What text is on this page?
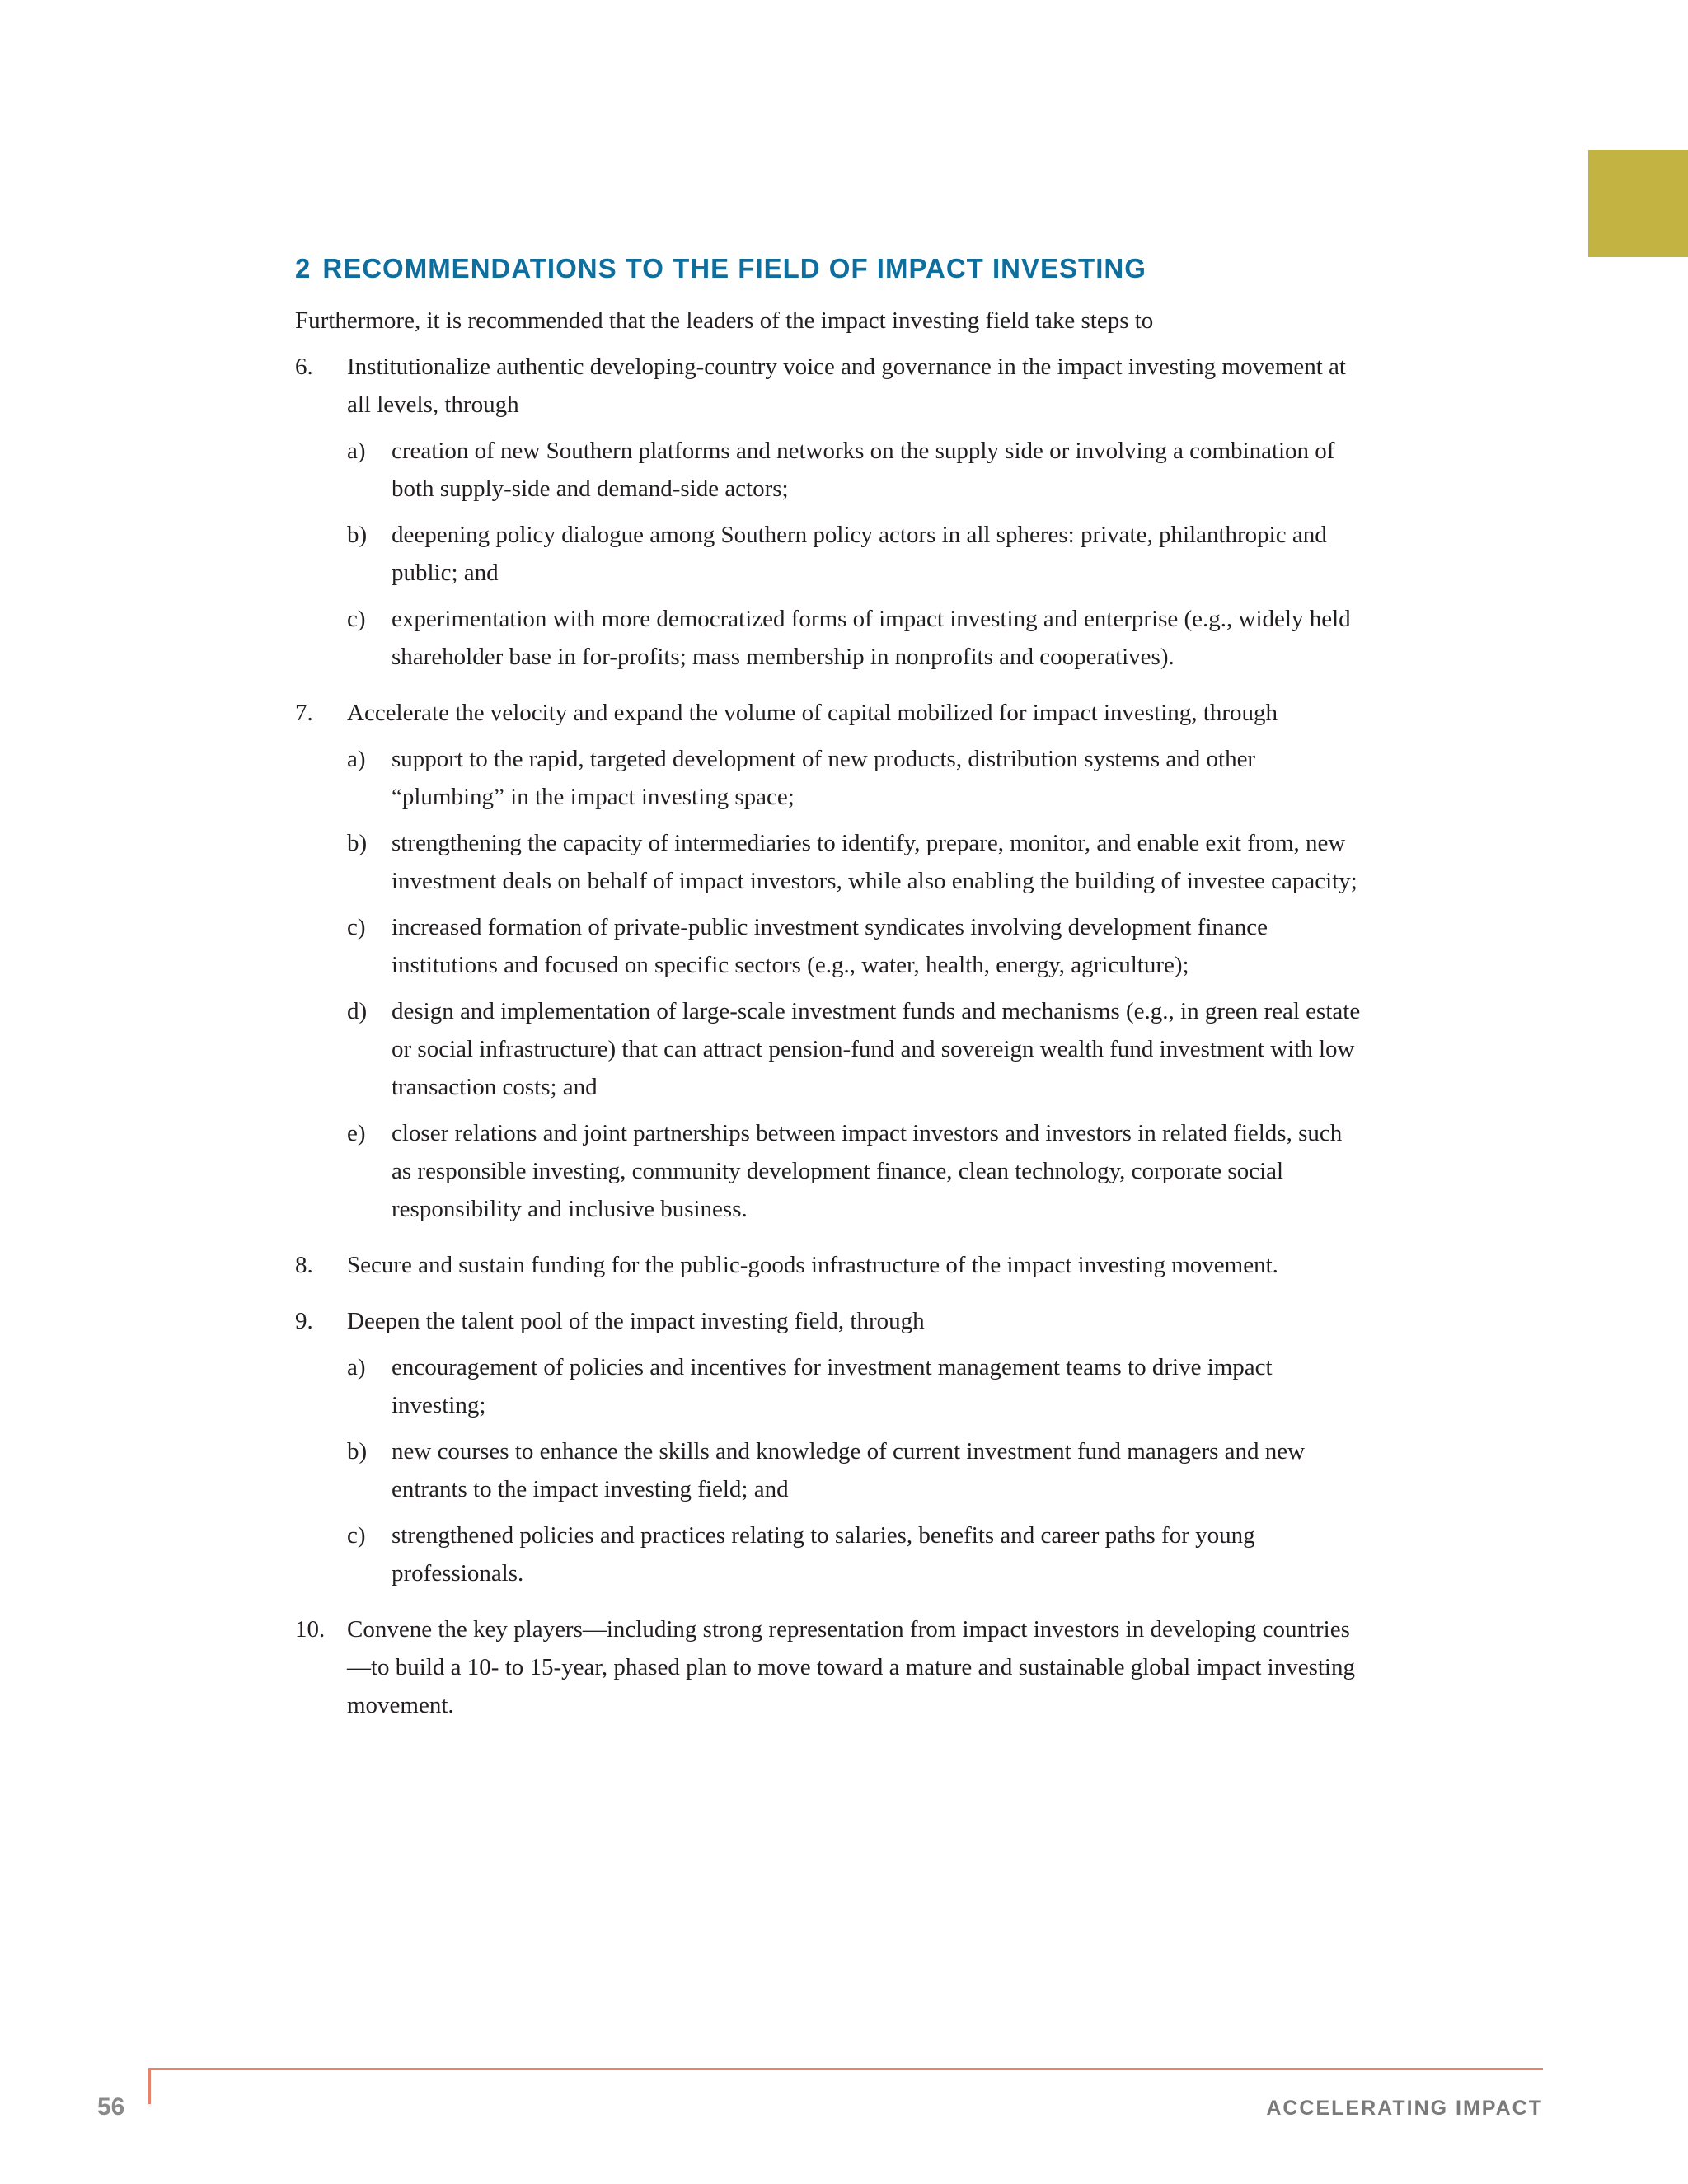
2 RECOMMENDATIONS TO THE FIELD OF IMPACT INVESTING

Furthermore, it is recommended that the leaders of the impact investing field take steps to

6. Institutionalize authentic developing-country voice and governance in the impact investing movement at all levels, through
a) creation of new Southern platforms and networks on the supply side or involving a combination of both supply-side and demand-side actors;
b) deepening policy dialogue among Southern policy actors in all spheres: private, philanthropic and public; and
c) experimentation with more democratized forms of impact investing and enterprise (e.g., widely held shareholder base in for-profits; mass membership in nonprofits and cooperatives).
7. Accelerate the velocity and expand the volume of capital mobilized for impact investing, through
a) support to the rapid, targeted development of new products, distribution systems and other “plumbing” in the impact investing space;
b) strengthening the capacity of intermediaries to identify, prepare, monitor, and enable exit from, new investment deals on behalf of impact investors, while also enabling the building of investee capacity;
c) increased formation of private-public investment syndicates involving development finance institutions and focused on specific sectors (e.g., water, health, energy, agriculture);
d) design and implementation of large-scale investment funds and mechanisms (e.g., in green real estate or social infrastructure) that can attract pension-fund and sovereign wealth fund investment with low transaction costs; and
e) closer relations and joint partnerships between impact investors and investors in related fields, such as responsible investing, community development finance, clean technology, corporate social responsibility and inclusive business.
8. Secure and sustain funding for the public-goods infrastructure of the impact investing movement.
9. Deepen the talent pool of the impact investing field, through
a) encouragement of policies and incentives for investment management teams to drive impact investing;
b) new courses to enhance the skills and knowledge of current investment fund managers and new entrants to the impact investing field; and
c) strengthened policies and practices relating to salaries, benefits and career paths for young professionals.
10. Convene the key players—including strong representation from impact investors in developing countries—to build a 10- to 15-year, phased plan to move toward a mature and sustainable global impact investing movement.
56	ACCELERATING IMPACT
